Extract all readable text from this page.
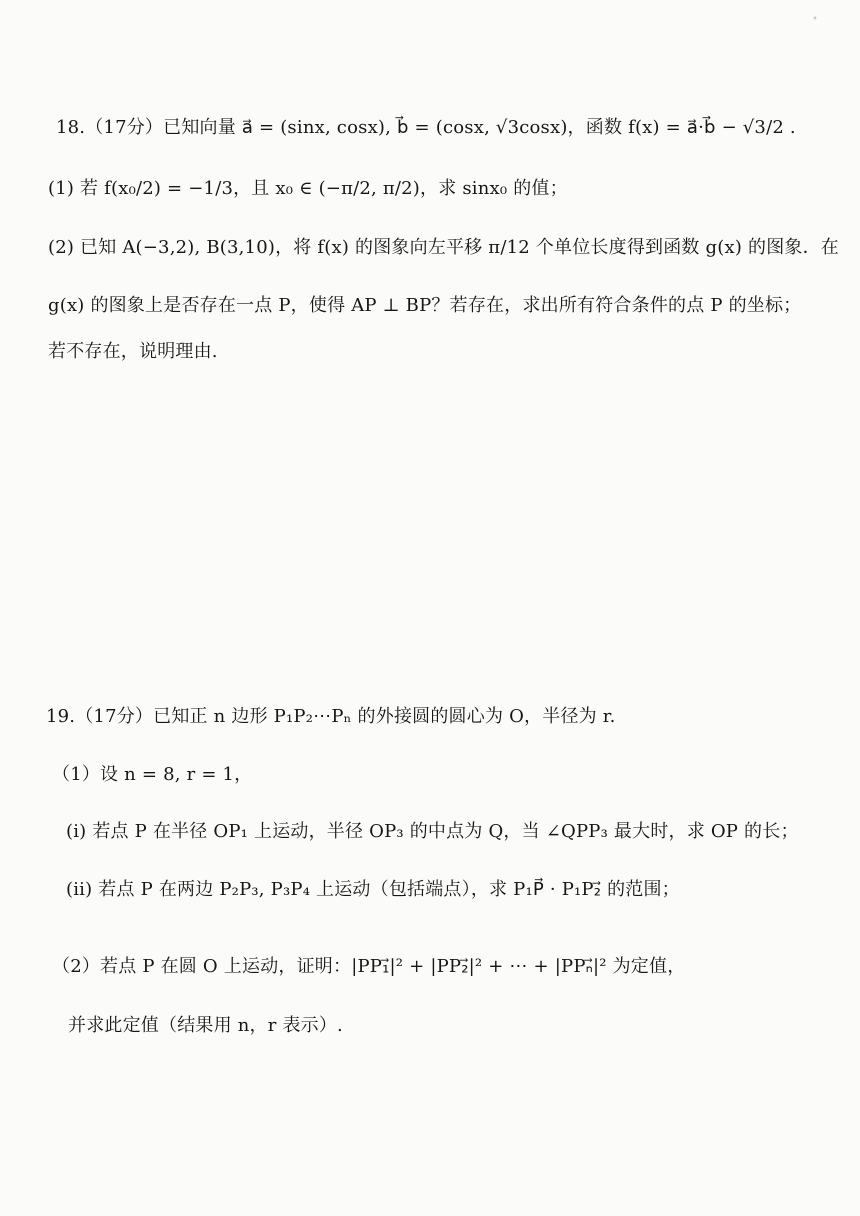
•
18.（17分）已知向量 a⃗ = (sinx, cosx), b⃗ = (cosx, √3cosx)，函数 f(x) = a⃗·b⃗ − √3/2 .
(1) 若 f(x₀/2) = −1/3，且 x₀ ∈ (−π/2, π/2)，求 sinx₀ 的值；
(2) 已知 A(−3,2), B(3,10)，将 f(x) 的图象向左平移 π/12 个单位长度得到函数 g(x) 的图象．在
g(x) 的图象上是否存在一点 P，使得 AP ⊥ BP？若存在，求出所有符合条件的点 P 的坐标；
若不存在，说明理由.
19.（17分）已知正 n 边形 P₁P₂⋯Pₙ 的外接圆的圆心为 O，半径为 r.
（1）设 n = 8, r = 1，
(i) 若点 P 在半径 OP₁ 上运动，半径 OP₃ 的中点为 Q，当 ∠QPP₃ 最大时，求 OP 的长；
(ii) 若点 P 在两边 P₂P₃, P₃P₄ 上运动（包括端点），求 P₁P⃗ · P₁P₂⃗ 的范围；
（2）若点 P 在圆 O 上运动，证明：|PP₁⃗|² + |PP₂⃗|² + ⋯ + |PPₙ⃗|² 为定值，
并求此定值（结果用 n，r 表示）.
